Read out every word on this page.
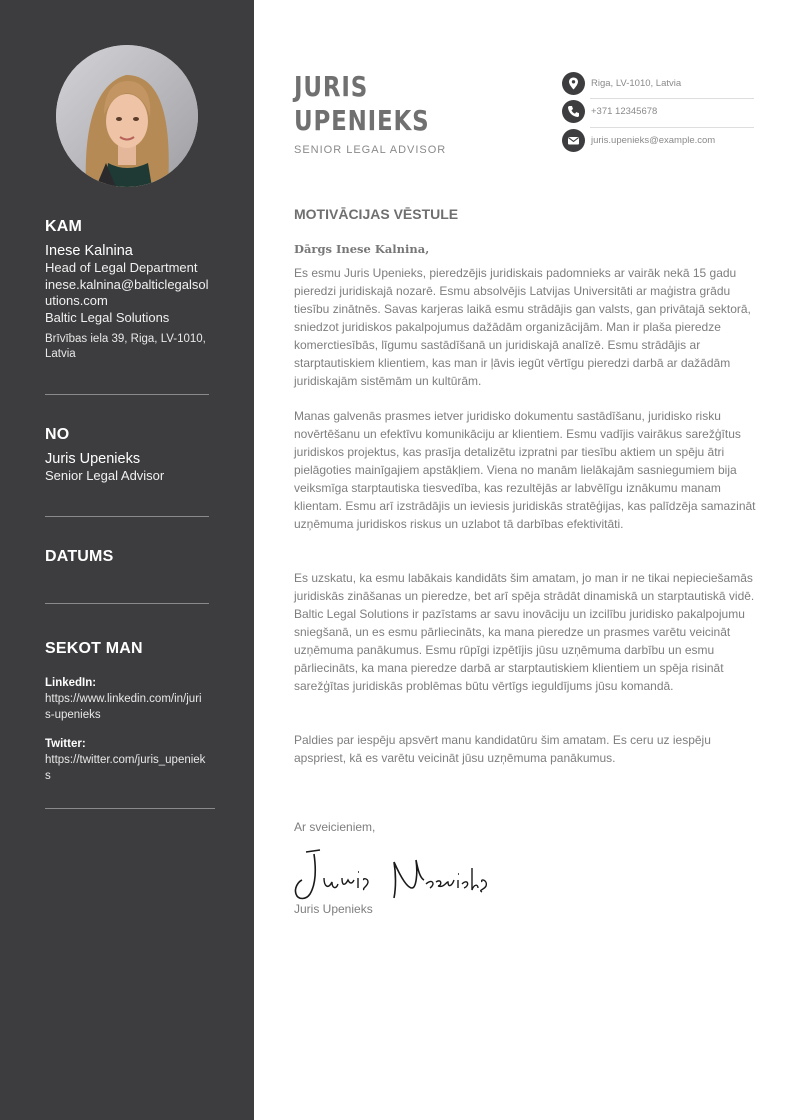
KAM
Inese Kalnina
Head of Legal Department
inese.kalnina@balticlegalsolutions.com
Baltic Legal Solutions
Brīvības iela 39, Riga, LV-1010, Latvia
NO
Juris Upenieks
Senior Legal Advisor
DATUMS
SEKOT MAN
LinkedIn:
https://www.linkedin.com/in/juris-upenieks
Twitter:
https://twitter.com/juris_upenieks
JURIS
UPENIEKS
SENIOR LEGAL ADVISOR
Riga, LV-1010, Latvia
+371 12345678
juris.upenieks@example.com
MOTIVĀCIJAS VĒSTULE
Dārgs Inese Kalnina,
Es esmu Juris Upenieks, pieredzējis juridiskais padomnieks ar vairāk nekā 15 gadu pieredzi juridiskajā nozarē. Esmu absolvējis Latvijas Universitāti ar maģistra grādu tiesību zinātnēs. Savas karjeras laikā esmu strādājis gan valsts, gan privātajā sektorā, sniedzot juridiskos pakalpojumus dažādām organizācijām. Man ir plaša pieredze komerctiesībās, līgumu sastādīšanā un juridiskajā analīzē. Esmu strādājis ar starptautiskiem klientiem, kas man ir ļāvis iegūt vērtīgu pieredzi darbā ar dažādām juridiskajām sistēmām un kultūrām.
Manas galvenās prasmes ietver juridisko dokumentu sastādīšanu, juridisko risku novērtēšanu un efektīvu komunikāciju ar klientiem. Esmu vadījis vairākus sarežģītus juridiskos projektus, kas prasīja detalizētu izpratni par tiesību aktiem un spēju ātri pielāgoties mainīgajiem apstākļiem. Viena no manām lielākajām sasniegumiem bija veiksmīga starptautiska tiesvedība, kas rezultējās ar labvēlīgu iznākumu manam klientam. Esmu arī izstrādājis un ieviesis juridiskās stratēģijas, kas palīdzēja samazināt uzņēmuma juridiskos riskus un uzlabot tā darbības efektivitāti.
Es uzskatu, ka esmu labākais kandidāts šim amatam, jo man ir ne tikai nepieciešamās juridiskās zināšanas un pieredze, bet arī spēja strādāt dinamiskā un starptautiskā vidē. Baltic Legal Solutions ir pazīstams ar savu inovāciju un izcilību juridisko pakalpojumu sniegšanā, un es esmu pārliecināts, ka mana pieredze un prasmes varētu veicināt uzņēmuma panākumus. Esmu rūpīgi izpētījis jūsu uzņēmuma darbību un esmu pārliecināts, ka mana pieredze darbā ar starptautiskiem klientiem un spēja risināt sarežģītas juridiskās problēmas būtu vērtīgs ieguldījums jūsu komandā.
Paldies par iespēju apsvērt manu kandidatūru šim amatam. Es ceru uz iespēju apspriest, kā es varētu veicināt jūsu uzņēmuma panākumus.
Ar sveicieniem,
Juris Upenieks
